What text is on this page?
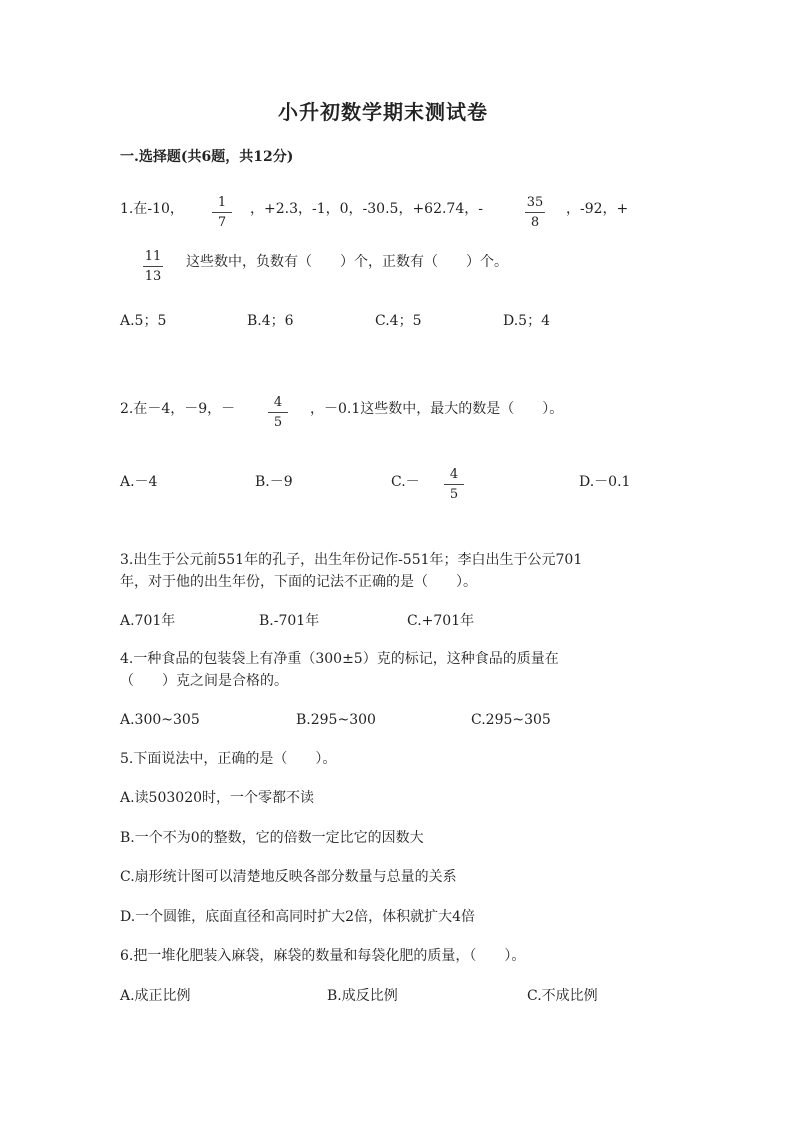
小升初数学期末测试卷
一.选择题(共6题，共12分)
1.在-10，	1
7
，+2.3，-1，0，-30.5，+62.74，-	35
8
，-92，+
11
13
这些数中，负数有（　　）个，正数有（　　）个。
A.5；5	B.4；6	C.4；5	D.5；4
2.在－4，－9，－	4
5
，－0.1这些数中，最大的数是（　　）。
A.－4	B.－9	C.－	4
5
D.－0.1
3.出生于公元前551年的孔子，出生年份记作-551年；李白出生于公元701
年，对于他的出生年份，下面的记法不正确的是（　　）。
A.701年	B.-701年	C.+701年
4.一种食品的包装袋上有净重（300±5）克的标记，这种食品的质量在
（　　）克之间是合格的。
A.300~305	B.295~300	C.295~305
5.下面说法中，正确的是（　　）。
A.读503020时，一个零都不读
B.一个不为0的整数，它的倍数一定比它的因数大
C.扇形统计图可以清楚地反映各部分数量与总量的关系
D.一个圆锥，底面直径和高同时扩大2倍，体积就扩大4倍
6.把一堆化肥装入麻袋，麻袋的数量和每袋化肥的质量，（　　）。
A.成正比例	B.成反比例	C.不成比例
